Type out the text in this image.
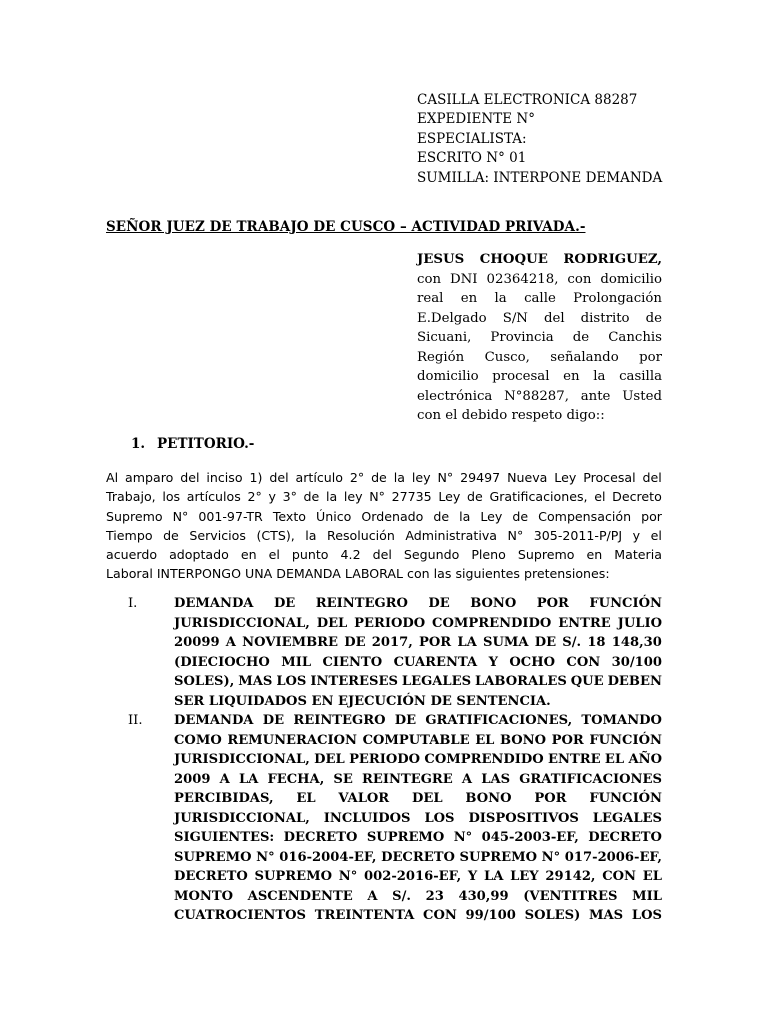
CASILLA ELECTRONICA 88287
EXPEDIENTE N°
ESPECIALISTA:
ESCRITO N° 01
SUMILLA: INTERPONE DEMANDA
SEÑOR JUEZ DE TRABAJO DE CUSCO – ACTIVIDAD PRIVADA.-
JESUS CHOQUE RODRIGUEZ,
con DNI 02364218, con domicilio
real en la calle Prolongación
E.Delgado S/N del distrito de
Sicuani, Provincia de Canchis
Región Cusco, señalando por
domicilio procesal en la casilla
electrónica N°88287, ante Usted
con el debido respeto digo::
1. PETITORIO.-
Al amparo del inciso 1) del artículo 2° de la ley N° 29497 Nueva Ley Procesal del
Trabajo, los artículos 2° y 3° de la ley N° 27735 Ley de Gratificaciones, el Decreto
Supremo N° 001-97-TR Texto Único Ordenado de la Ley de Compensación por
Tiempo de Servicios (CTS), la Resolución Administrativa N° 305-2011-P/PJ y el
acuerdo adoptado en el punto 4.2 del Segundo Pleno Supremo en Materia
Laboral INTERPONGO UNA DEMANDA LABORAL con las siguientes pretensiones:
I.	DEMANDA DE REINTEGRO DE BONO POR FUNCIÓN
JURISDICCIONAL, DEL PERIODO COMPRENDIDO ENTRE JULIO
20099 A NOVIEMBRE DE 2017, POR LA SUMA DE S/. 18 148,30
(DIECIOCHO MIL CIENTO CUARENTA Y OCHO CON 30/100
SOLES), MAS LOS INTERESES LEGALES LABORALES QUE DEBEN
SER LIQUIDADOS EN EJECUCIÓN DE SENTENCIA.
II. DEMANDA DE REINTEGRO DE GRATIFICACIONES, TOMANDO
COMO REMUNERACION COMPUTABLE EL BONO POR FUNCIÓN
JURISDICCIONAL, DEL PERIODO COMPRENDIDO ENTRE EL AÑO
2009 A LA FECHA, SE REINTEGRE A LAS GRATIFICACIONES
PERCIBIDAS, EL VALOR DEL BONO POR FUNCIÓN
JURISDICCIONAL, INCLUIDOS LOS DISPOSITIVOS LEGALES
SIGUIENTES: DECRETO SUPREMO N° 045-2003-EF, DECRETO
SUPREMO N° 016-2004-EF, DECRETO SUPREMO N° 017-2006-EF,
DECRETO SUPREMO N° 002-2016-EF, Y LA LEY 29142, CON EL
MONTO ASCENDENTE A S/. 23 430,99 (VENTITRES MIL
CUATROCIENTOS TREINTENTA CON 99/100 SOLES) MAS LOS
